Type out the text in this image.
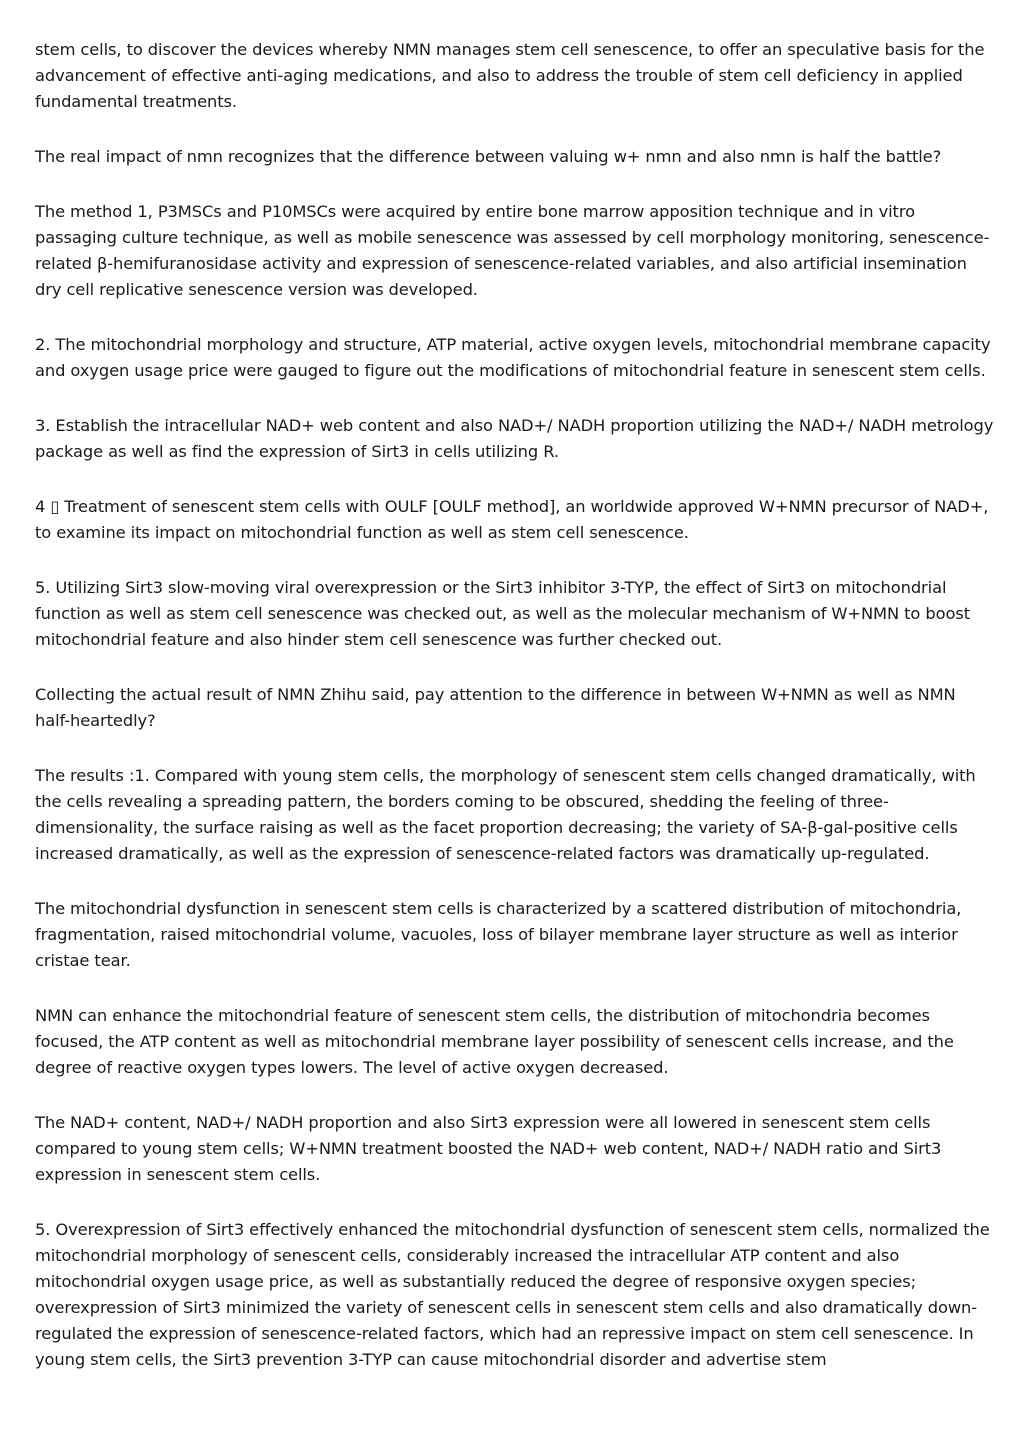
stem cells, to discover the devices whereby NMN manages stem cell senescence, to offer an speculative basis for the advancement of effective anti-aging medications, and also to address the trouble of stem cell deficiency in applied fundamental treatments.

The real impact of nmn recognizes that the difference between valuing w+ nmn and also nmn is half the battle?

The method 1, P3MSCs and P10MSCs were acquired by entire bone marrow apposition technique and in vitro passaging culture technique, as well as mobile senescence was assessed by cell morphology monitoring, senescence-related β-hemifuranosidase activity and expression of senescence-related variables, and also artificial insemination dry cell replicative senescence version was developed.

2. The mitochondrial morphology and structure, ATP material, active oxygen levels, mitochondrial membrane capacity and oxygen usage price were gauged to figure out the modifications of mitochondrial feature in senescent stem cells.

3. Establish the intracellular NAD+ web content and also NAD+/ NADH proportion utilizing the NAD+/ NADH metrology package as well as find the expression of Sirt3 in cells utilizing R.

4 ▯ Treatment of senescent stem cells with OULF [OULF method], an worldwide approved W+NMN precursor of NAD+, to examine its impact on mitochondrial function as well as stem cell senescence.

5. Utilizing Sirt3 slow-moving viral overexpression or the Sirt3 inhibitor 3-TYP, the effect of Sirt3 on mitochondrial function as well as stem cell senescence was checked out, as well as the molecular mechanism of W+NMN to boost mitochondrial feature and also hinder stem cell senescence was further checked out.

Collecting the actual result of NMN Zhihu said, pay attention to the difference in between W+NMN as well as NMN half-heartedly?

The results :1. Compared with young stem cells, the morphology of senescent stem cells changed dramatically, with the cells revealing a spreading pattern, the borders coming to be obscured, shedding the feeling of three-dimensionality, the surface raising as well as the facet proportion decreasing; the variety of SA-β-gal-positive cells increased dramatically, as well as the expression of senescence-related factors was dramatically up-regulated.

The mitochondrial dysfunction in senescent stem cells is characterized by a scattered distribution of mitochondria, fragmentation, raised mitochondrial volume, vacuoles, loss of bilayer membrane layer structure as well as interior cristae tear.

NMN can enhance the mitochondrial feature of senescent stem cells, the distribution of mitochondria becomes focused, the ATP content as well as mitochondrial membrane layer possibility of senescent cells increase, and the degree of reactive oxygen types lowers. The level of active oxygen decreased.

The NAD+ content, NAD+/ NADH proportion and also Sirt3 expression were all lowered in senescent stem cells compared to young stem cells; W+NMN treatment boosted the NAD+ web content, NAD+/ NADH ratio and Sirt3 expression in senescent stem cells.

5. Overexpression of Sirt3 effectively enhanced the mitochondrial dysfunction of senescent stem cells, normalized the mitochondrial morphology of senescent cells, considerably increased the intracellular ATP content and also mitochondrial oxygen usage price, as well as substantially reduced the degree of responsive oxygen species; overexpression of Sirt3 minimized the variety of senescent cells in senescent stem cells and also dramatically down-regulated the expression of senescence-related factors, which had an repressive impact on stem cell senescence. In young stem cells, the Sirt3 prevention 3-TYP can cause mitochondrial disorder and advertise stem
